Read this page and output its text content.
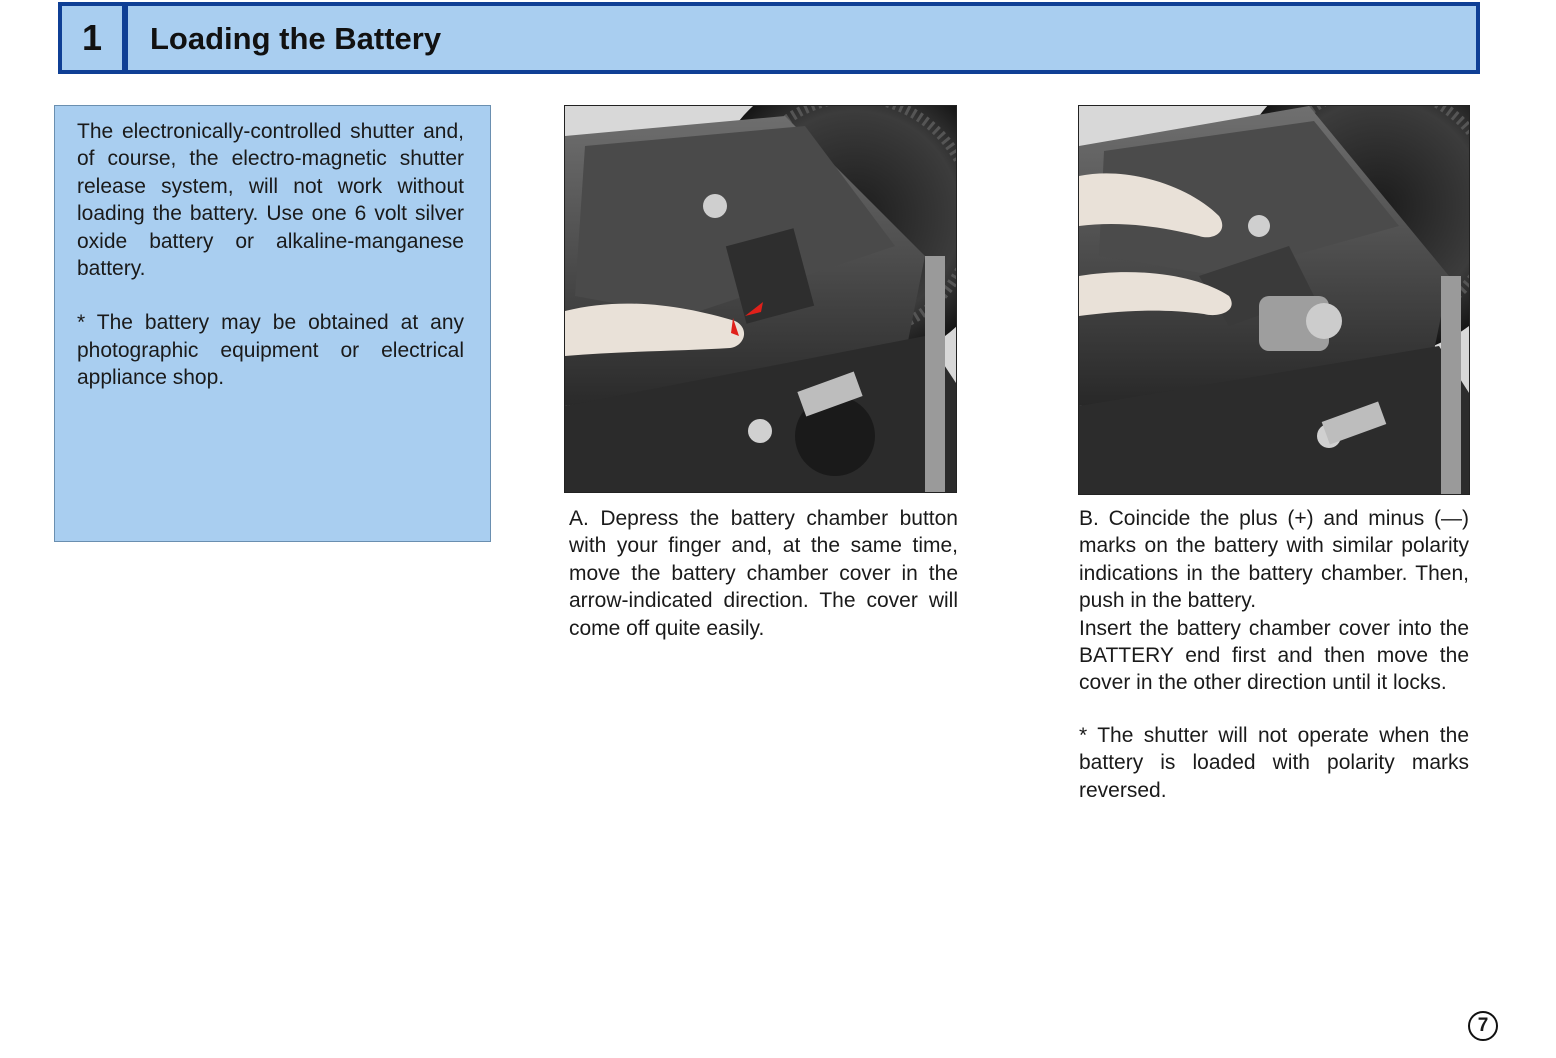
1	Loading the Battery

The electronically-controlled shutter and, of course, the electro-magnetic shutter release system, will not work without loading the battery. Use one 6 volt silver oxide battery or alkaline-manganese battery.

* The battery may be obtained at any photographic equipment or electrical appliance shop.

A. Depress the battery chamber button with your finger and, at the same time, move the battery chamber cover in the arrow-indicated direction. The cover will come off quite easily.

B. Coincide the plus (+) and minus (—) marks on the battery with similar polarity indications in the battery chamber. Then, push in the battery.

Insert the battery chamber cover into the BATTERY end first and then move the cover in the other direction until it locks.

* The shutter will not operate when the battery is loaded with polarity marks reversed.

7
